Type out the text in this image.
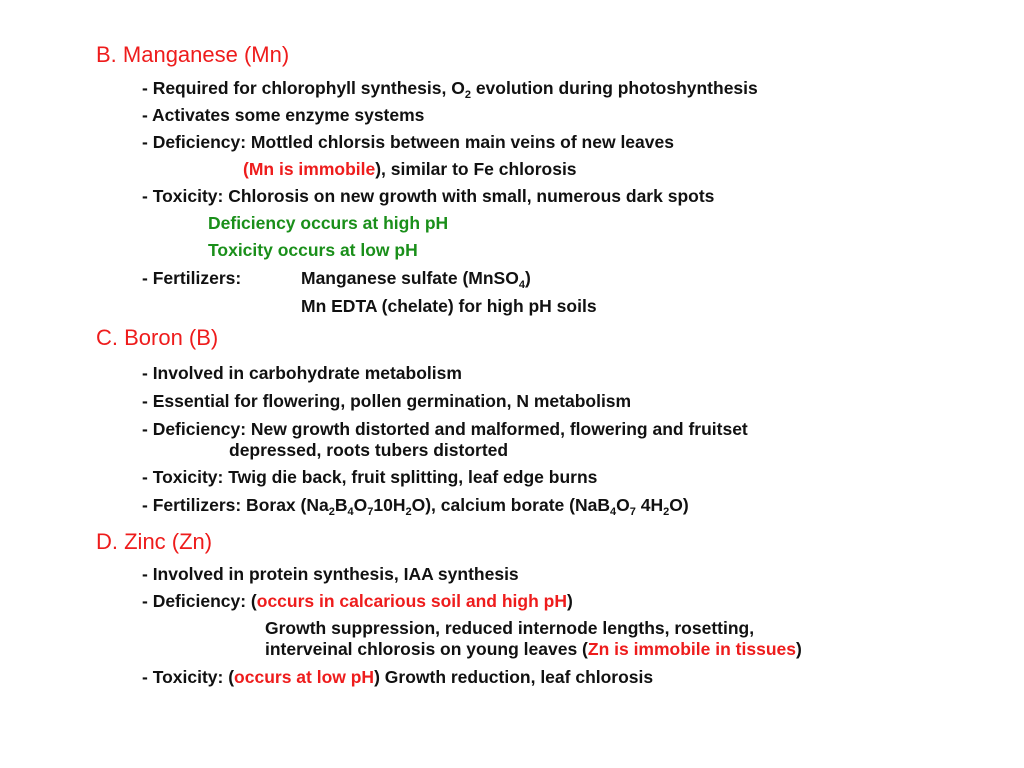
B. Manganese (Mn)
- Required for chlorophyll synthesis, $O_2$ evolution during photoshynthesis
- Activates some enzyme systems
- Deficiency: Mottled chlorsis between main veins of new leaves
(Mn is immobile), similar to Fe chlorosis
- Toxicity: Chlorosis on new growth with small, numerous dark spots
Deficiency occurs at high pH
Toxicity occurs at low pH
- Fertilizers:	Manganese sulfate (MnSO$_4$)
Mn EDTA (chelate) for high pH soils
C. Boron (B)
- Involved in carbohydrate metabolism
- Essential for flowering, pollen germination, N metabolism
- Deficiency: New growth distorted and malformed, flowering and fruitset
depressed, roots tubers distorted
- Toxicity: Twig die back, fruit splitting, leaf edge burns
- Fertilizers: Borax $(Na_2B_4O_710H_2O)$, calcium borate ($NaB_4O_7$ $4H_2O$)
D. Zinc (Zn)
- Involved in protein synthesis, IAA synthesis
- Deficiency: (occurs in calcarious soil and high pH)
Growth suppression, reduced internode lengths, rosetting,
interveinal chlorosis on young leaves (Zn is immobile in tissues)
- Toxicity: (occurs at low pH) Growth reduction, leaf chlorosis
